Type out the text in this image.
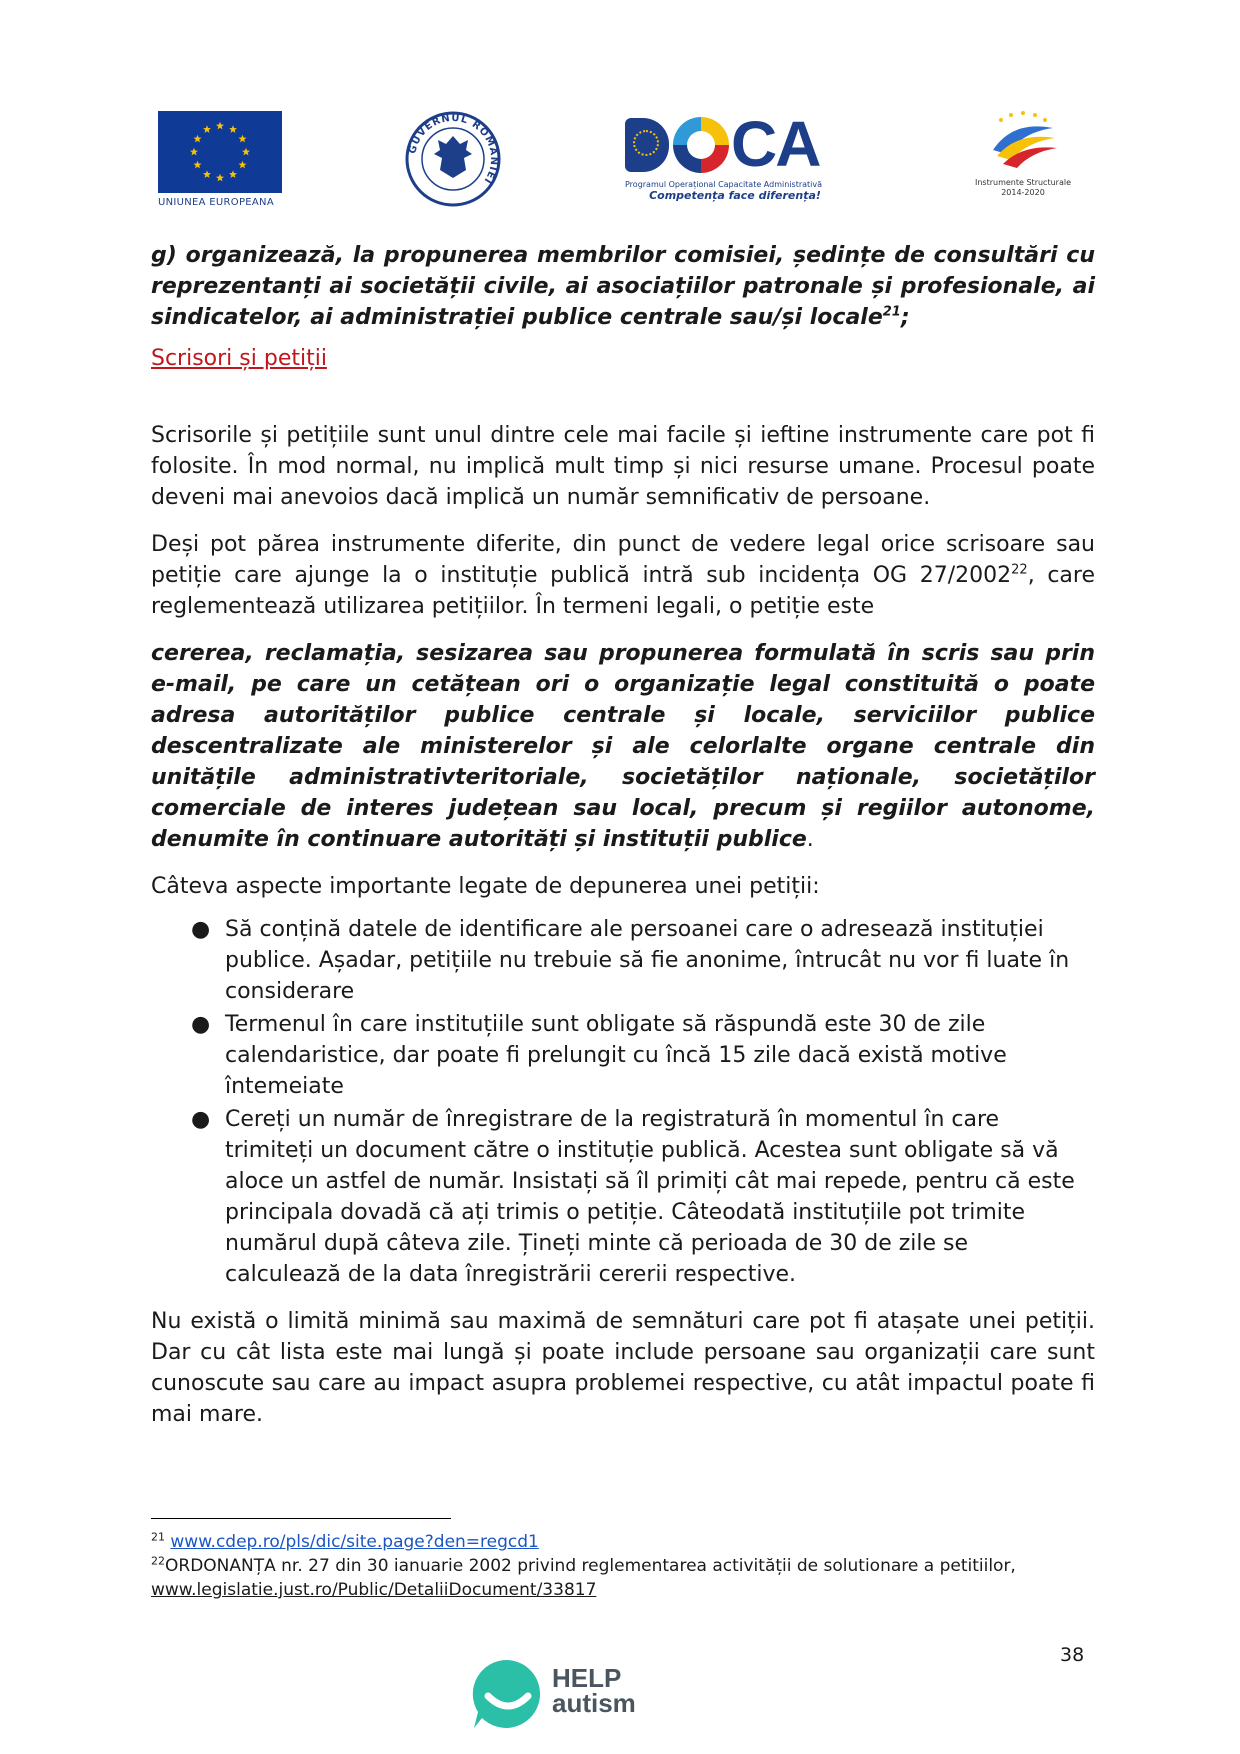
UNIUNEA EUROPEANA
GUVERNUL ROMÂNIEI
CA
Programul Operațional Capacitate Administrativă
Competența face diferența!
Instrumente Structurale
2014-2020

g) organizează, la propunerea membrilor comisiei, ședințe de consultări cu reprezentanți ai societății civile, ai asociațiilor patronale și profesionale, ai sindicatelor, ai administrației publice centrale sau/și locale$^{21}$;

Scrisori și petiții

Scrisorile și petițiile sunt unul dintre cele mai facile și ieftine instrumente care pot fi folosite. În mod normal, nu implică mult timp și nici resurse umane. Procesul poate deveni mai anevoios dacă implică un număr semnificativ de persoane.

Deși pot părea instrumente diferite, din punct de vedere legal orice scrisoare sau petiție care ajunge la o instituție publică intră sub incidența OG 27/2002$^{22}$, care reglementează utilizarea petițiilor. În termeni legali, o petiție este

cererea, reclamația, sesizarea sau propunerea formulată în scris sau prin e-mail, pe care un cetățean ori o organizație legal constituită o poate adresa autorităților publice centrale și locale, serviciilor publice descentralizate ale ministerelor și ale celorlalte organe centrale din unitățile administrativteritoriale, societăților naționale, societăților comerciale de interes județean sau local, precum și regiilor autonome, denumite în continuare autorități și instituții publice.

Câteva aspecte importante legate de depunerea unei petiții:

● Să conțină datele de identificare ale persoanei care o adresează instituției publice. Așadar, petițiile nu trebuie să fie anonime, întrucât nu vor fi luate în considerare
● Termenul în care instituțiile sunt obligate să răspundă este 30 de zile calendaristice, dar poate fi prelungit cu încă 15 zile dacă există motive întemeiate
● Cereți un număr de înregistrare de la registratură în momentul în care trimiteți un document către o instituție publică. Acestea sunt obligate să vă aloce un astfel de număr. Insistați să îl primiți cât mai repede, pentru că este principala dovadă că ați trimis o petiție. Câteodată instituțiile pot trimite numărul după câteva zile. Țineți minte că perioada de 30 de zile se calculează de la data înregistrării cererii respective.

Nu există o limită minimă sau maximă de semnături care pot fi atașate unei petiții. Dar cu cât lista este mai lungă și poate include persoane sau organizații care sunt cunoscute sau care au impact asupra problemei respective, cu atât impactul poate fi mai mare.

$^{21}$ www.cdep.ro/pls/dic/site.page?den=regcd1
$^{22}$ORDONANȚA nr. 27 din 30 ianuarie 2002 privind reglementarea activității de solutionare a petitiilor, www.legislatie.just.ro/Public/DetaliiDocument/33817
38
HELP
autism
